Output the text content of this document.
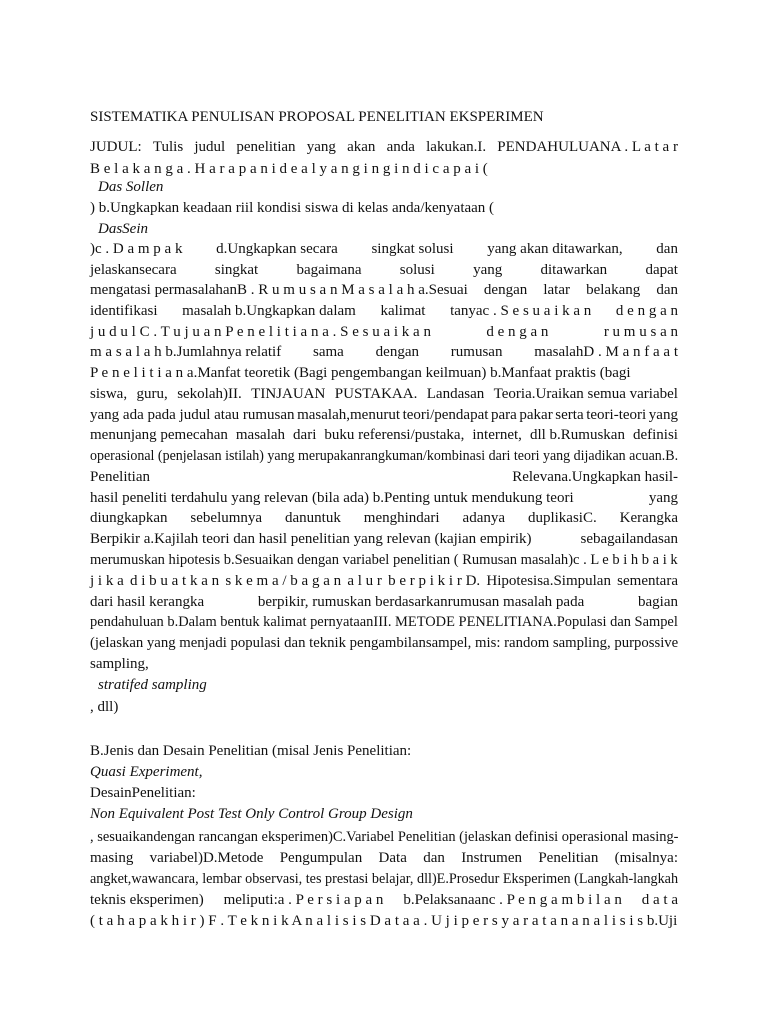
SISTEMATIKA PENULISAN PROPOSAL PENELITIAN EKSPERIMEN
JUDUL: Tulis judul penelitian yang akan anda lakukan.I. PENDAHULUANA . L a t a r
B e l a k a n g a . H a r a p a n i d e a l y a n g i n g i n d i c a p a i (
Das Sollen
) b.Ungkapkan keadaan riil kondisi siswa di kelas anda/kenyataan (
DasSein
)c . D a m p a k d.Ungkapkan secara singkat solusi yang akan ditawarkan, dan
jelaskansecara	singkat	bagaimana	solusi	yang	ditawarkan	dapat
mengatasi permasalahanB . R u m u s a n M a s a l a h a.Sesuai dengan latar belakang dan
identifikasi masalah b.Ungkapkan dalam kalimat tanyac . S e s u a i k a n d e n g a n
j u d u l C . T u j u a n P e n e l i t i a n a . S e s u a i k a n	d e n g a n	r u m u s a n
m a s a l a h b.Jumlahnya relatif sama dengan rumusan masalahD . M a n f a a t
P e n e l i t i a n a.Manfat teoretik (Bagi pengembangan keilmuan) b.Manfaat praktis (bagi
siswa, guru, sekolah)II. TINJAUAN PUSTAKAA. Landasan Teoria.Uraikan semua variabel
yang ada pada judul atau rumusan masalah,menurut teori/pendapat para pakar serta teori-teori yang
menunjang pemecahan masalah dari buku referensi/pustaka, internet, dll b.Rumuskan definisi
operasional (penjelasan istilah) yang merupakanrangkuman/kombinasi dari teori yang dijadikan acuan.B.
Penelitian	Relevana.Ungkapkan hasil-
hasil peneliti terdahulu yang relevan (bila ada) b.Penting untuk mendukung teori	yang
diungkapkan sebelumnya danuntuk menghindari adanya duplikasiC. Kerangka
Berpikir a.Kajilah teori dan hasil penelitian yang relevan (kajian empirik)	sebagailandasan
merumuskan hipotesis b.Sesuaikan dengan variabel penelitian ( Rumusan masalah)c . L e b i h b a i k
j i k a d i b u a t k a n s k e m a / b a g a n a l u r b e r p i k i r D. Hipotesisa.Simpulan sementara
dari hasil kerangka	berpikir, rumuskan berdasarkanrumusan masalah pada	bagian
pendahuluan b.Dalam bentuk kalimat pernyataanIII. METODE PENELITIANA.Populasi dan Sampel
(jelaskan yang menjadi populasi dan teknik pengambilansampel, mis: random sampling, purpossive
sampling,
stratifed sampling
, dll)
B.Jenis dan Desain Penelitian (misal Jenis Penelitian:
Quasi Experiment,
DesainPenelitian:
Non Equivalent Post Test Only Control Group Design
, sesuaikandengan rancangan eksperimen)C.Variabel Penelitian (jelaskan definisi operasional masing-
masing variabel)D.Metode Pengumpulan Data dan Instrumen Penelitian (misalnya:
angket,wawancara, lembar observasi, tes prestasi belajar, dll)E.Prosedur Eksperimen (Langkah-langkah
teknis eksperimen) meliputi:a . P e r s i a p a n b.Pelaksanaanc . P e n g a m b i l a n d a t a
( t a h a p a k h i r ) F . T e k n i k A n a l i s i s D a t a a . U j i p e r s y a r a t a n a n a l i s i s b.Uji
